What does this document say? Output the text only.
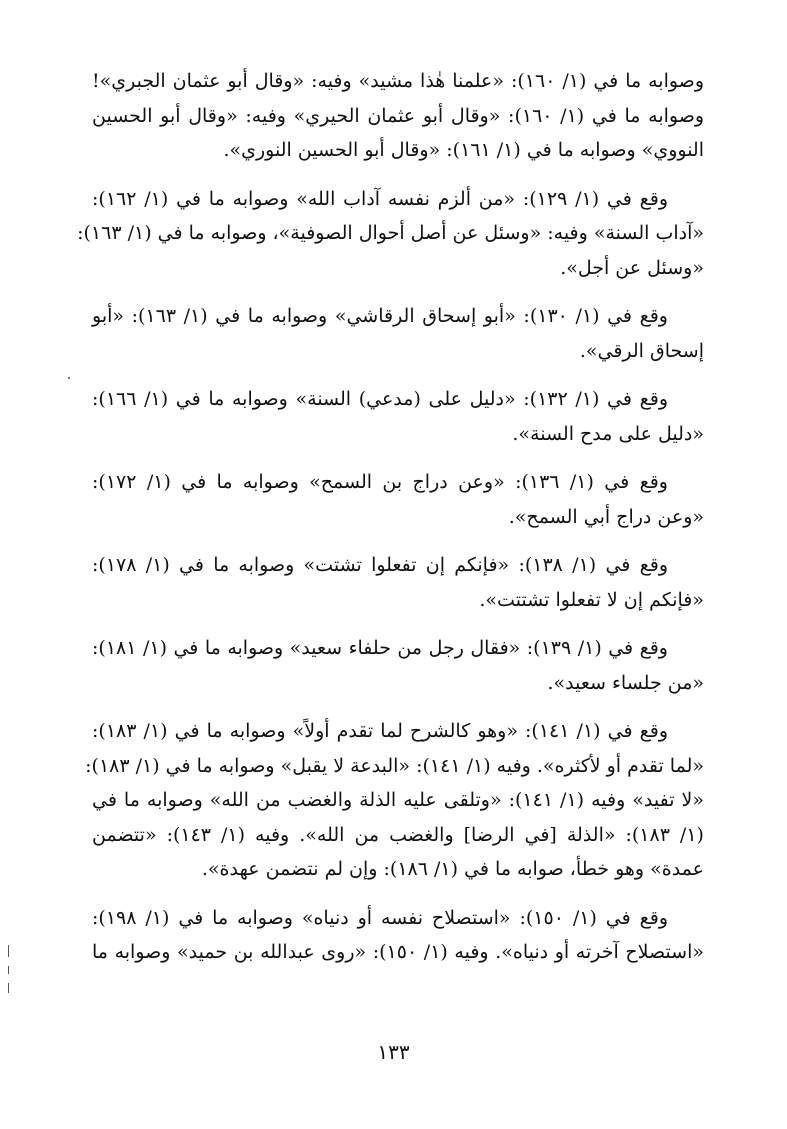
وصوابه ما في (١/ ١٦٠): «علمنا هٰذا مشيد» وفيه: «وقال أبو عثمان الجبري»!
وصوابه ما في (١/ ١٦٠): «وقال أبو عثمان الحيري» وفيه: «وقال أبو الحسين
النووي» وصوابه ما في (١/ ١٦١): «وقال أبو الحسين النوري».
وقع في (١/ ١٢٩): «من ألزم نفسه آداب الله» وصوابه ما في (١/ ١٦٢):
«آداب السنة» وفيه: «وسئل عن أصل أحوال الصوفية»، وصوابه ما في (١/ ١٦٣):
«وسئل عن أجل».
وقع في (١/ ١٣٠): «أبو إسحاق الرقاشي» وصوابه ما في (١/ ١٦٣): «أبو
إسحاق الرقي».
وقع في (١/ ١٣٢): «دليل على (مدعي) السنة» وصوابه ما في (١/ ١٦٦):
«دليل على مدح السنة».
وقع في (١/ ١٣٦): «وعن دراج بن السمح» وصوابه ما في (١/ ١٧٢):
«وعن دراج أبي السمح».
وقع في (١/ ١٣٨): «فإنكم إن تفعلوا تشتت» وصوابه ما في (١/ ١٧٨):
«فإنكم إن لا تفعلوا تشتتت».
وقع في (١/ ١٣٩): «فقال رجل من حلفاء سعيد» وصوابه ما في (١/ ١٨١):
«من جلساء سعيد».
وقع في (١/ ١٤١): «وهو كالشرح لما تقدم أولاً» وصوابه ما في (١/ ١٨٣):
«لما تقدم أو لأكثره». وفيه (١/ ١٤١): «البدعة لا يقبل» وصوابه ما في (١/ ١٨٣):
«لا تفيد» وفيه (١/ ١٤١): «وتلقى عليه الذلة والغضب من الله» وصوابه ما في
(١/ ١٨٣): «الذلة [في الرضا] والغضب من الله». وفيه (١/ ١٤٣): «تتضمن
عمدة» وهو خطأ، صوابه ما في (١/ ١٨٦): وإن لم نتضمن عهدة».
وقع في (١/ ١٥٠): «استصلاح نفسه أو دنياه» وصوابه ما في (١/ ١٩٨):
«استصلاح آخرته أو دنياه». وفيه (١/ ١٥٠): «روى عبدالله بن حميد» وصوابه ما
١٣٣
